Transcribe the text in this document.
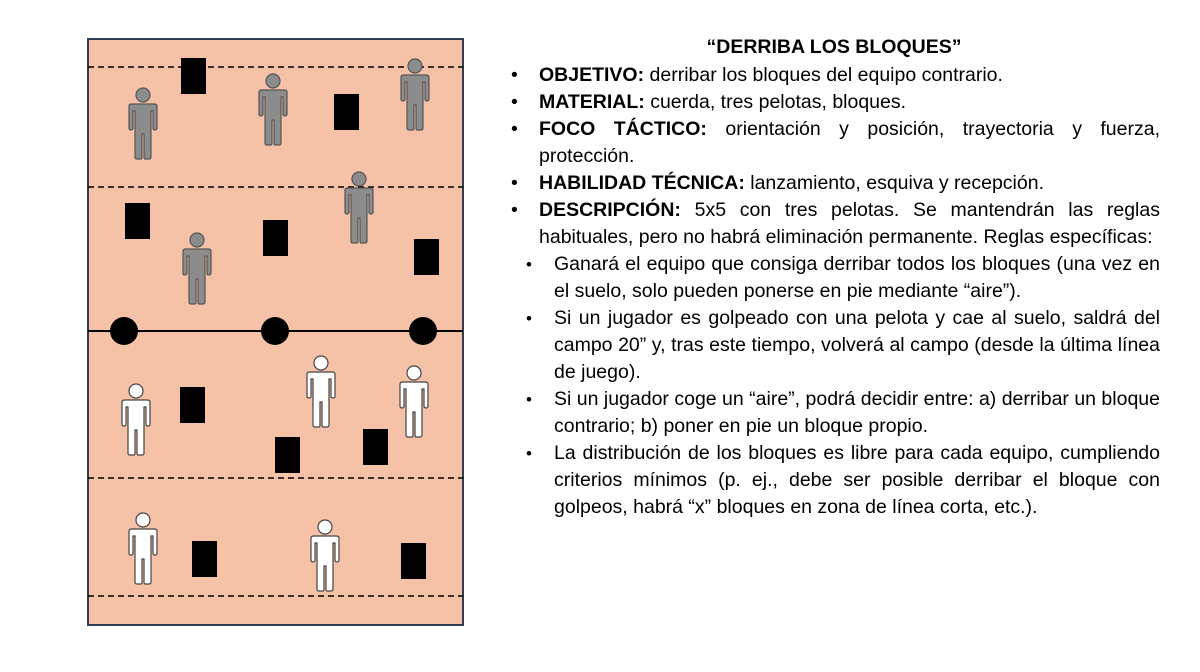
“DERRIBA LOS BLOQUES”
• OBJETIVO: derribar los bloques del equipo contrario.
• MATERIAL: cuerda, tres pelotas, bloques.
• FOCO TÁCTICO: orientación y posición, trayectoria y fuerza, protección.
• HABILIDAD TÉCNICA: lanzamiento, esquiva y recepción.
• DESCRIPCIÓN: 5x5 con tres pelotas. Se mantendrán las reglas habituales, pero no habrá eliminación permanente. Reglas específicas:
• Ganará el equipo que consiga derribar todos los bloques (una vez en el suelo, solo pueden ponerse en pie mediante “aire”).
• Si un jugador es golpeado con una pelota y cae al suelo, saldrá del campo 20” y, tras este tiempo, volverá al campo (desde la última línea de juego).
• Si un jugador coge un “aire”, podrá decidir entre: a) derribar un bloque contrario; b) poner en pie un bloque propio.
• La distribución de los bloques es libre para cada equipo, cumpliendo criterios mínimos (p. ej., debe ser posible derribar el bloque con golpeos, habrá “x” bloques en zona de línea corta, etc.).
